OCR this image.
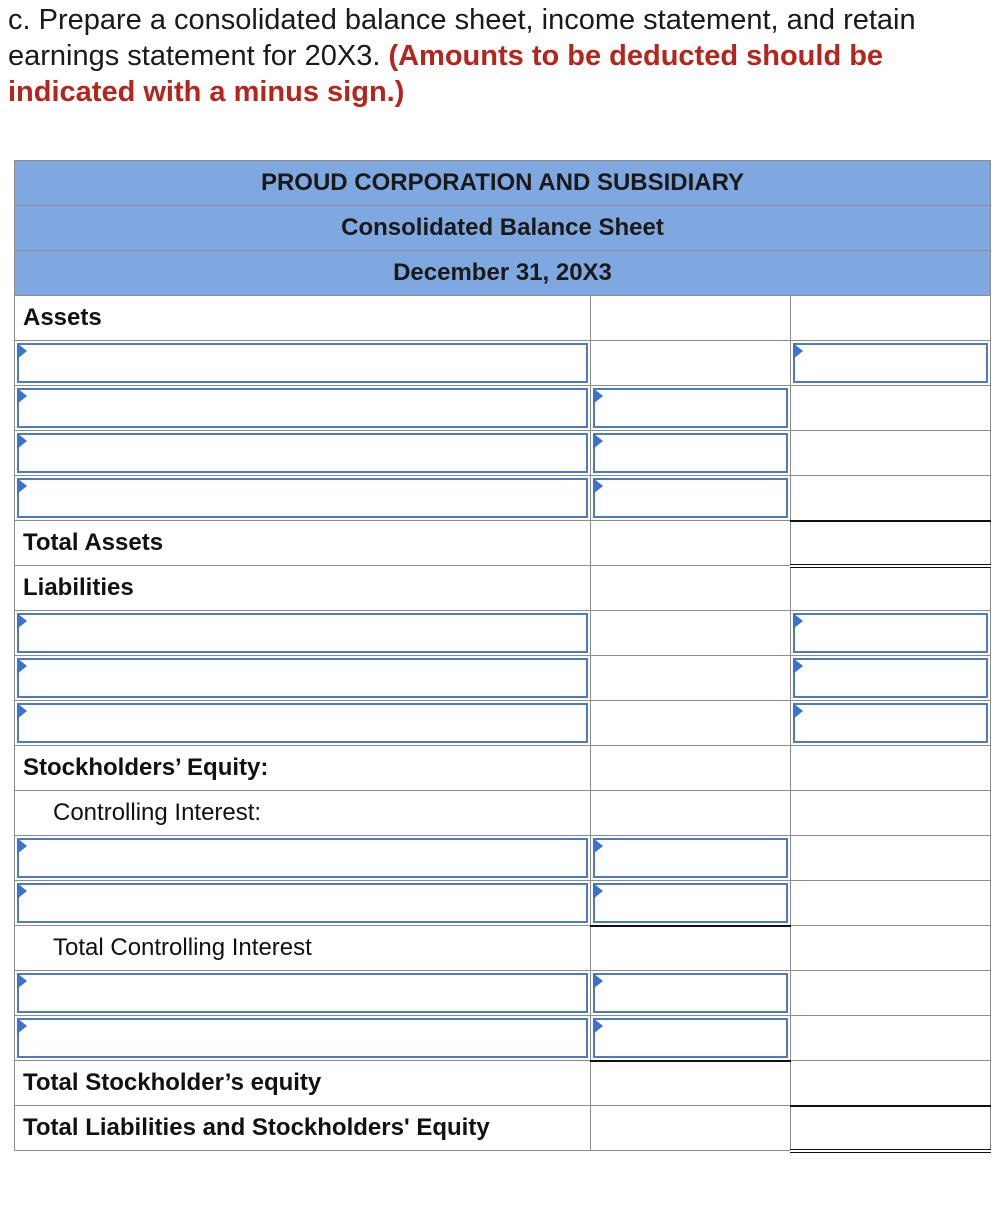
c. Prepare a consolidated balance sheet, income statement, and retain earnings statement for 20X3. (Amounts to be deducted should be indicated with a minus sign.)
PROUD CORPORATION AND SUBSIDIARY		
Consolidated Balance Sheet		
December 31, 20X3		
Assets		

Total Assets		
Liabilities		

Stockholders’ Equity:		
Controlling Interest:		

Total Controlling Interest		

Total Stockholder’s equity		
Total Liabilities and Stockholders' Equity		
